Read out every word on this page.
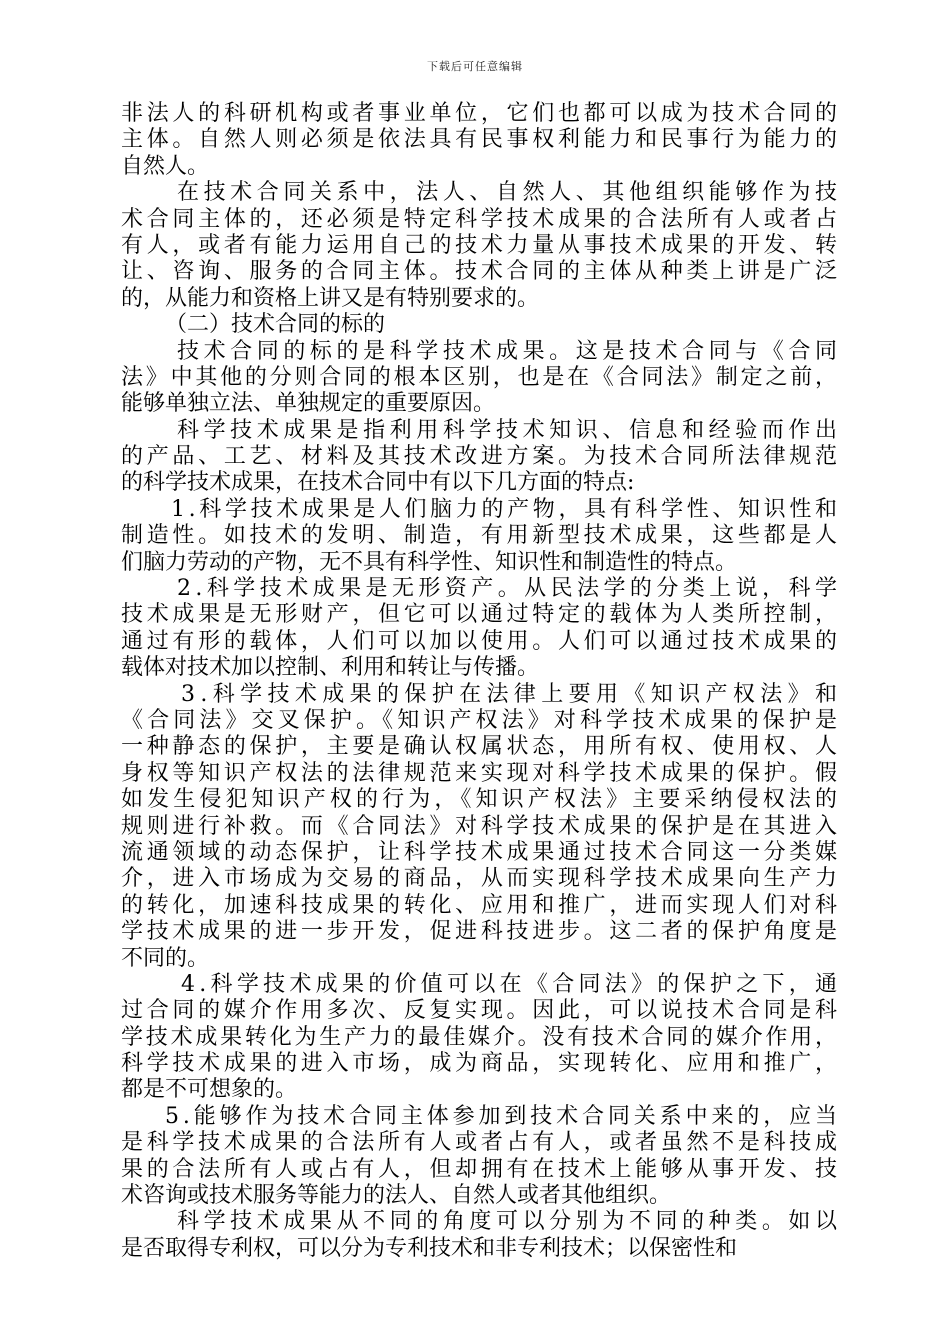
下载后可任意编辑
非法人的科研机构或者事业单位，它们也都可以成为技术合同的
主体。自然人则必须是依法具有民事权利能力和民事行为能力的
自然人。
在技术合同关系中，法人、自然人、其他组织能够作为技
术合同主体的，还必须是特定科学技术成果的合法所有人或者占
有人，或者有能力运用自己的技术力量从事技术成果的开发、转
让、咨询、服务的合同主体。技术合同的主体从种类上讲是广泛
的，从能力和资格上讲又是有特别要求的。
（二）技术合同的标的
技术合同的标的是科学技术成果。这是技术合同与《合同
法》中其他的分则合同的根本区别，也是在《合同法》制定之前，
能够单独立法、单独规定的重要原因。
科学技术成果是指利用科学技术知识、信息和经验而作出
的产品、工艺、材料及其技术改进方案。为技术合同所法律规范
的科学技术成果，在技术合同中有以下几方面的特点:
1.科学技术成果是人们脑力的产物，具有科学性、知识性和
制造性。如技术的发明、制造，有用新型技术成果，这些都是人
们脑力劳动的产物，无不具有科学性、知识性和制造性的特点。
2.科学技术成果是无形资产。从民法学的分类上说，科学
技术成果是无形财产，但它可以通过特定的载体为人类所控制，
通过有形的载体，人们可以加以使用。人们可以通过技术成果的
载体对技术加以控制、利用和转让与传播。
3.科学技术成果的保护在法律上要用《知识产权法》和
《合同法》交叉保护。《知识产权法》对科学技术成果的保护是
一种静态的保护，主要是确认权属状态，用所有权、使用权、人
身权等知识产权法的法律规范来实现对科学技术成果的保护。假
如发生侵犯知识产权的行为，《知识产权法》主要采纳侵权法的
规则进行补救。而《合同法》对科学技术成果的保护是在其进入
流通领域的动态保护，让科学技术成果通过技术合同这一分类媒
介，进入市场成为交易的商品，从而实现科学技术成果向生产力
的转化，加速科技成果的转化、应用和推广，进而实现人们对科
学技术成果的进一步开发，促进科技进步。这二者的保护角度是
不同的。
4.科学技术成果的价值可以在《合同法》的保护之下，通
过合同的媒介作用多次、反复实现。因此，可以说技术合同是科
学技术成果转化为生产力的最佳媒介。没有技术合同的媒介作用，
科学技术成果的进入市场，成为商品，实现转化、应用和推广，
都是不可想象的。
5.能够作为技术合同主体参加到技术合同关系中来的，应当
是科学技术成果的合法所有人或者占有人，或者虽然不是科技成
果的合法所有人或占有人，但却拥有在技术上能够从事开发、技
术咨询或技术服务等能力的法人、自然人或者其他组织。
科学技术成果从不同的角度可以分别为不同的种类。如以
是否取得专利权，可以分为专利技术和非专利技术；以保密性和
